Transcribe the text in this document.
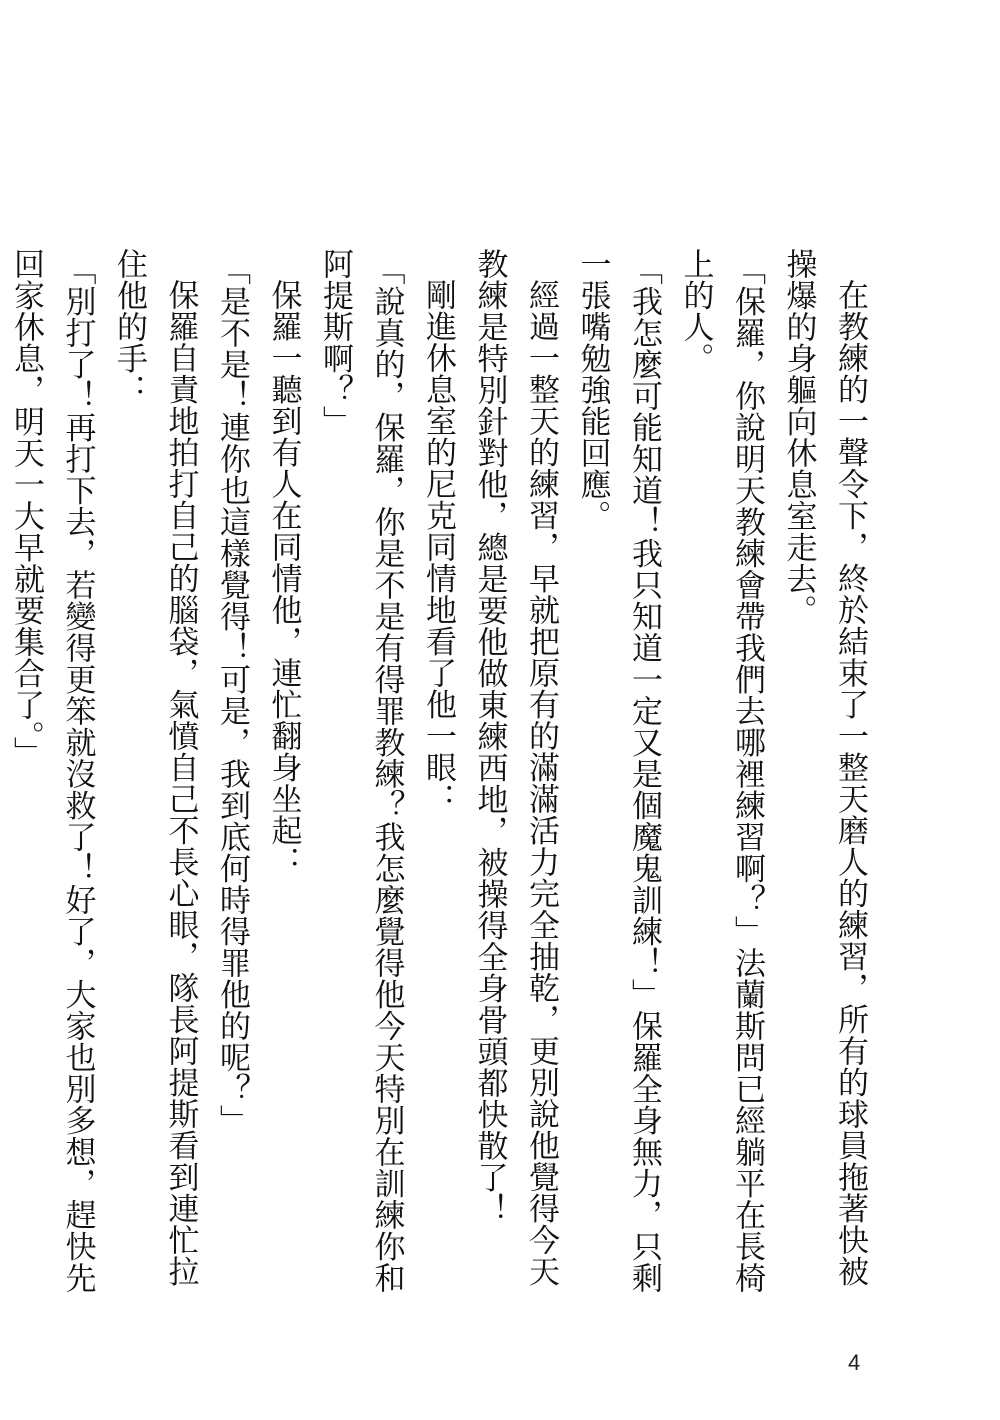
在教練的一聲令下，終於結束了一整天磨人的練習，所有的球員拖著快被操爆的身軀向休息室走去。

「保羅，你說明天教練會帶我們去哪裡練習啊？」法蘭斯問已經躺平在長椅上的人。

「我怎麼可能知道！我只知道一定又是個魔鬼訓練！」保羅全身無力，只剩一張嘴勉強能回應。

經過一整天的練習，早就把原有的滿滿活力完全抽乾，更別說他覺得今天教練是特別針對他，總是要他做東練西地，被操得全身骨頭都快散了！

剛進休息室的尼克同情地看了他一眼：

「說真的，保羅，你是不是有得罪教練？我怎麼覺得他今天特別在訓練你和阿提斯啊？」

保羅一聽到有人在同情他，連忙翻身坐起：

「是不是！連你也這樣覺得！可是，我到底何時得罪他的呢？」

保羅自責地拍打自己的腦袋，氣憤自己不長心眼，隊長阿提斯看到連忙拉住他的手：

「別打了！再打下去，若變得更笨就沒救了！好了，大家也別多想，趕快先回家休息，明天一大早就要集合了。」

4
